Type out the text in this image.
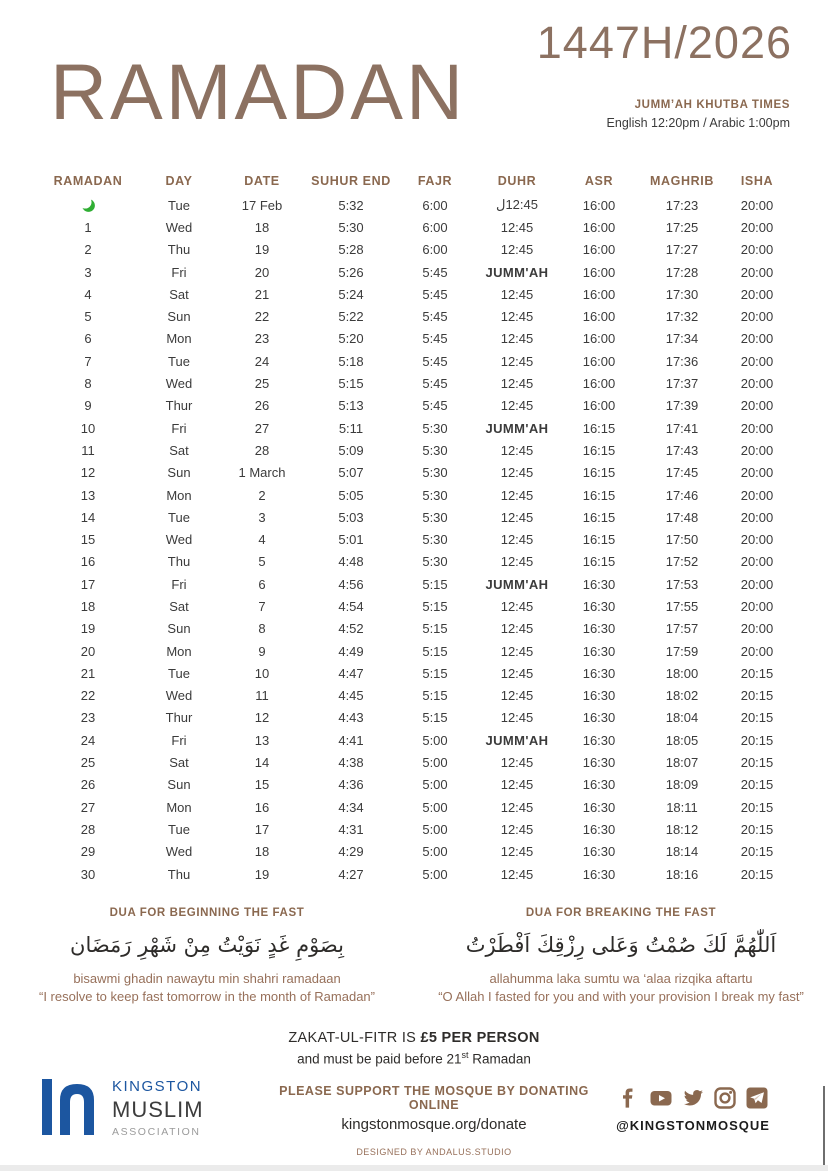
1447H/2026
RAMADAN	JUMM’AH KHUTBA TIMES
English 12:20pm / Arabic 1:00pm
RAMADAN	DAY	DATE	SUHUR END	FAJR	DUHR	ASR	MAGHRIB	ISHA
	Tue	17 Feb	5:32	6:00	ل‎12:45	16:00	17:23	20:00
1	Wed	18	5:30	6:00	12:45	16:00	17:25	20:00
2	Thu	19	5:28	6:00	12:45	16:00	17:27	20:00
3	Fri	20	5:26	5:45	JUMM'AH	16:00	17:28	20:00
4	Sat	21	5:24	5:45	12:45	16:00	17:30	20:00
5	Sun	22	5:22	5:45	12:45	16:00	17:32	20:00
6	Mon	23	5:20	5:45	12:45	16:00	17:34	20:00
7	Tue	24	5:18	5:45	12:45	16:00	17:36	20:00
8	Wed	25	5:15	5:45	12:45	16:00	17:37	20:00
9	Thur	26	5:13	5:45	12:45	16:00	17:39	20:00
10	Fri	27	5:11	5:30	JUMM'AH	16:15	17:41	20:00
11	Sat	28	5:09	5:30	12:45	16:15	17:43	20:00
12	Sun	1 March	5:07	5:30	12:45	16:15	17:45	20:00
13	Mon	2	5:05	5:30	12:45	16:15	17:46	20:00
14	Tue	3	5:03	5:30	12:45	16:15	17:48	20:00
15	Wed	4	5:01	5:30	12:45	16:15	17:50	20:00
16	Thu	5	4:48	5:30	12:45	16:15	17:52	20:00
17	Fri	6	4:56	5:15	JUMM'AH	16:30	17:53	20:00
18	Sat	7	4:54	5:15	12:45	16:30	17:55	20:00
19	Sun	8	4:52	5:15	12:45	16:30	17:57	20:00
20	Mon	9	4:49	5:15	12:45	16:30	17:59	20:00
21	Tue	10	4:47	5:15	12:45	16:30	18:00	20:15
22	Wed	11	4:45	5:15	12:45	16:30	18:02	20:15
23	Thur	12	4:43	5:15	12:45	16:30	18:04	20:15
24	Fri	13	4:41	5:00	JUMM'AH	16:30	18:05	20:15
25	Sat	14	4:38	5:00	12:45	16:30	18:07	20:15
26	Sun	15	4:36	5:00	12:45	16:30	18:09	20:15
27	Mon	16	4:34	5:00	12:45	16:30	18:11	20:15
28	Tue	17	4:31	5:00	12:45	16:30	18:12	20:15
29	Wed	18	4:29	5:00	12:45	16:30	18:14	20:15
30	Thu	19	4:27	5:00	12:45	16:30	18:16	20:15
DUA FOR BEGINNING THE FAST
بِصَوْمِ غَدٍ نَوَيْتُ مِنْ شَهْرِ رَمَضَان
bisawmi ghadin nawaytu min shahri ramadaan
“I resolve to keep fast tomorrow in the month of Ramadan”
DUA FOR BREAKING THE FAST
اَللّٰهُمَّ لَكَ صُمْتُ وَعَلى رِزْقِكَ اَفْطَرْتُ
allahumma laka sumtu wa ‘alaa rizqika aftartu
“O Allah I fasted for you and with your provision I break my fast”
ZAKAT-UL-FITR IS £5 PER PERSON
and must be paid before 21st Ramadan
KINGSTON
MUSLIM
ASSOCIATION
PLEASE SUPPORT THE MOSQUE BY DONATING ONLINE
kingstonmosque.org/donate
DESIGNED BY ANDALUS.STUDIO
@KINGSTONMOSQUE
